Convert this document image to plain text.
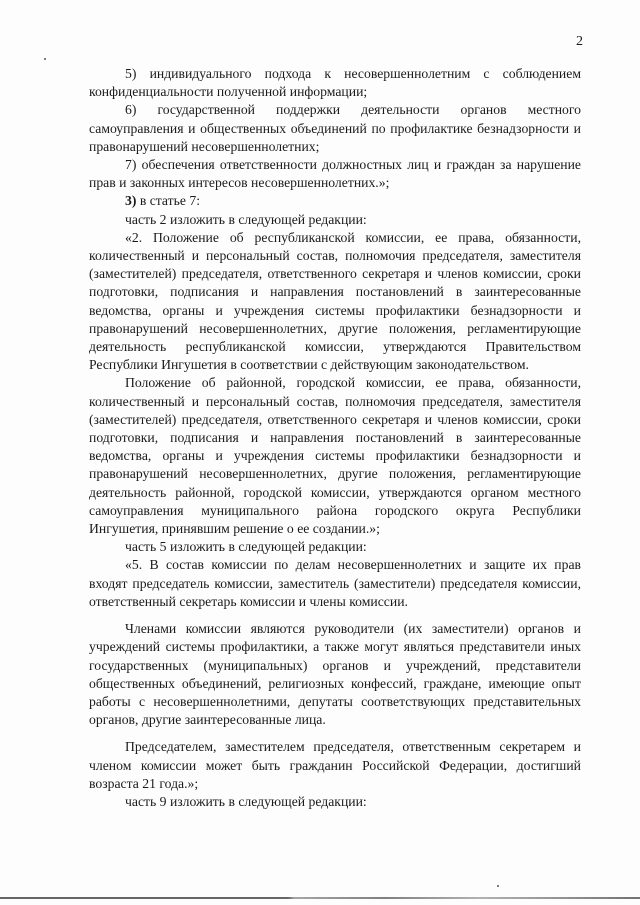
2

5) индивидуального подхода к несовершеннолетним с соблюдением конфиденциальности полученной информации;

6) государственной поддержки деятельности органов местного самоуправления и общественных объединений по профилактике безнадзорности и правонарушений несовершеннолетних;

7) обеспечения ответственности должностных лиц и граждан за нарушение прав и законных интересов несовершеннолетних.»;

3) в статье 7:

часть 2 изложить в следующей редакции:

«2. Положение об республиканской комиссии, ее права, обязанности, количественный и персональный состав, полномочия председателя, заместителя (заместителей) председателя, ответственного секретаря и членов комиссии, сроки подготовки, подписания и направления постановлений в заинтересованные ведомства, органы и учреждения системы профилактики безнадзорности и правонарушений несовершеннолетних, другие положения, регламентирующие деятельность республиканской комиссии, утверждаются Правительством Республики Ингушетия в соответствии с действующим законодательством.

Положение об районной, городской комиссии, ее права, обязанности, количественный и персональный состав, полномочия председателя, заместителя (заместителей) председателя, ответственного секретаря и членов комиссии, сроки подготовки, подписания и направления постановлений в заинтересованные ведомства, органы и учреждения системы профилактики безнадзорности и правонарушений несовершеннолетних, другие положения, регламентирующие деятельность районной, городской комиссии, утверждаются органом местного самоуправления муниципального района городского округа Республики Ингушетия, принявшим решение о ее создании.»;

часть 5 изложить в следующей редакции:

«5. В состав комиссии по делам несовершеннолетних и защите их прав входят председатель комиссии, заместитель (заместители) председателя комиссии, ответственный секретарь комиссии и члены комиссии.

Членами комиссии являются руководители (их заместители) органов и учреждений системы профилактики, а также могут являться представители иных государственных (муниципальных) органов и учреждений, представители общественных объединений, религиозных конфессий, граждане, имеющие опыт работы с несовершеннолетними, депутаты соответствующих представительных органов, другие заинтересованные лица.

Председателем, заместителем председателя, ответственным секретарем и членом комиссии может быть гражданин Российской Федерации, достигший возраста 21 года.»;

часть 9 изложить в следующей редакции:
